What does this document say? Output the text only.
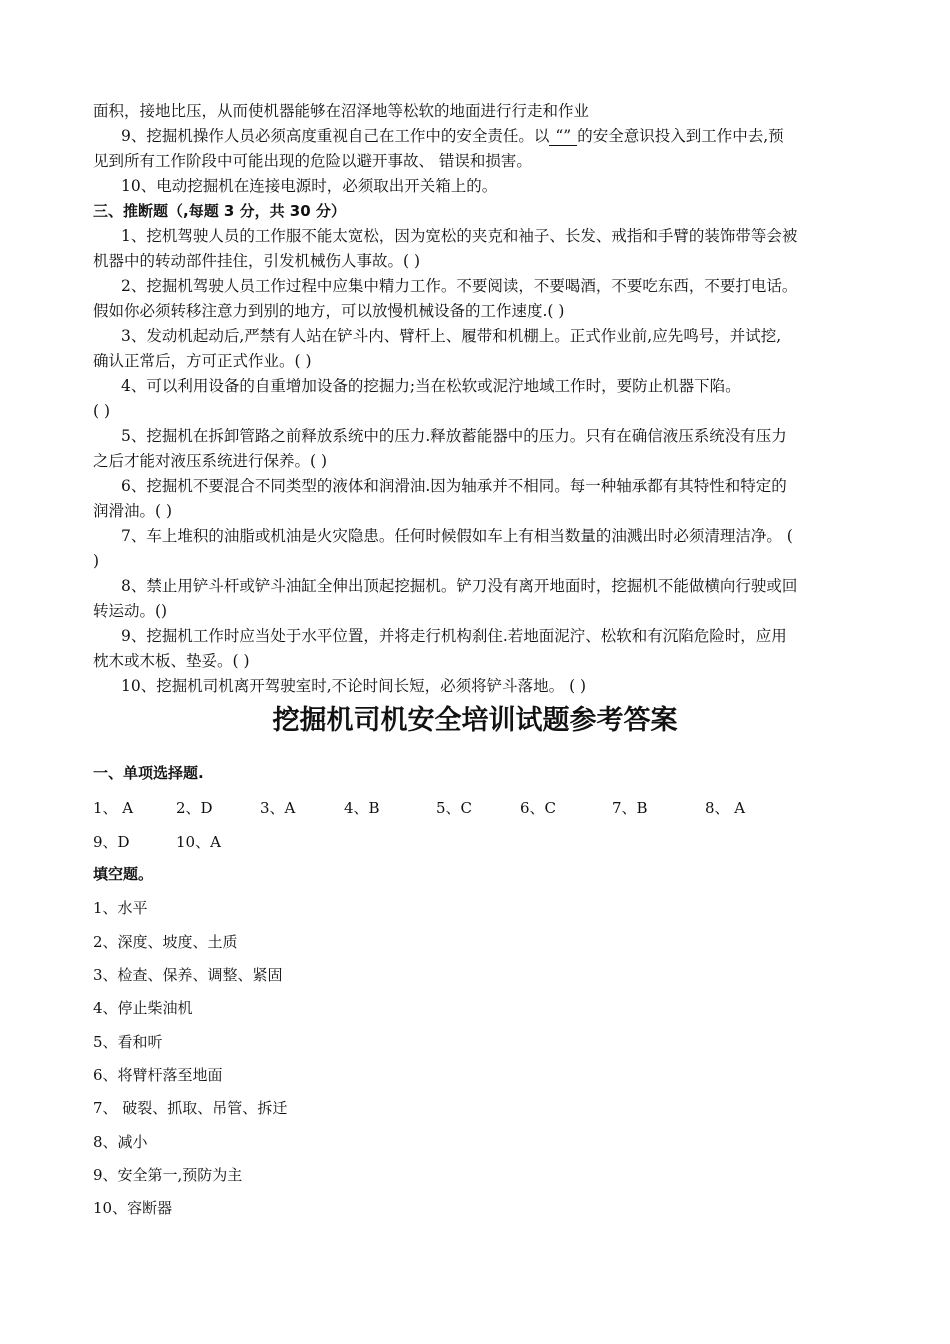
面积，接地比压，从而使机器能够在沼泽地等松软的地面进行行走和作业
9、挖掘机操作人员必须高度重视自己在工作中的安全责任。以 “” 的安全意识投入到工作中去,预
见到所有工作阶段中可能出现的危险以避开事故、 错误和损害。
10、电动挖掘机在连接电源时，必须取出开关箱上的。
三、推断题（,每题 3 分，共 30 分）
1、挖机驾驶人员的工作服不能太宽松，因为宽松的夹克和袖子、长发、戒指和手臂的装饰带等会被
机器中的转动部件挂住，引发机械伤人事故。( )
2、挖掘机驾驶人员工作过程中应集中精力工作。不要阅读，不要喝酒，不要吃东西，不要打电话。
假如你必须转移注意力到别的地方，可以放慢机械设备的工作速度.( )
3、发动机起动后,严禁有人站在铲斗内、臂杆上、履带和机棚上。正式作业前,应先鸣号，并试挖,
确认正常后，方可正式作业。( )
4、可以利用设备的自重增加设备的挖掘力;当在松软或泥泞地域工作时，要防止机器下陷。
( )
5、挖掘机在拆卸管路之前释放系统中的压力.释放蓄能器中的压力。只有在确信液压系统没有压力
之后才能对液压系统进行保养。( )
6、挖掘机不要混合不同类型的液体和润滑油.因为轴承并不相同。每一种轴承都有其特性和特定的
润滑油。( )
7、车上堆积的油脂或机油是火灾隐患。任何时候假如车上有相当数量的油溅出时必须清理洁净。 (
)
8、禁止用铲斗杆或铲斗油缸全伸出顶起挖掘机。铲刀没有离开地面时，挖掘机不能做横向行驶或回
转运动。()
9、挖掘机工作时应当处于水平位置，并将走行机构刹住.若地面泥泞、松软和有沉陷危险时，应用
枕木或木板、垫妥。( )
10、挖掘机司机离开驾驶室时,不论时间长短，必须将铲斗落地。 ( )
挖掘机司机安全培训试题参考答案
一、单项选择题.
1、 A	2、D	3、A	4、B	5、C	6、C	7、B	8、 A
9、D	10、A
填空题。
1、水平
2、深度、坡度、土质
3、检查、保养、调整、紧固
4、停止柴油机
5、看和听
6、将臂杆落至地面
7、 破裂、抓取、吊管、拆迁
8、减小
9、安全第一,预防为主
10、容断器
